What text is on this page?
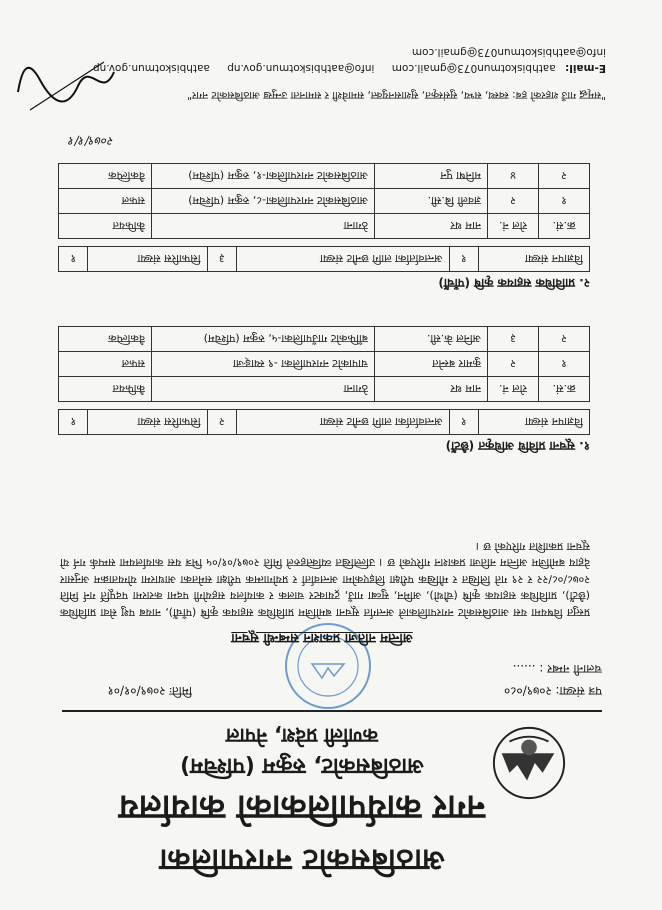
आठबिसकोट नगरपालिका
नगर कार्यपालिकाको कार्यालय
आठबिसकोट, रुकुम (पश्चिम)
कर्णाली प्रदेश, नेपाल
पत्र संख्या: २०७९/०८०
चलानी नम्बर : ......
मितिः २०७९/०१/०१
अन्तिम नतिजा प्रकाशन सम्बन्धी सूचना
प्रस्तुत विषयमा यस आठबिसकोट नगरपालिकाले अन्तर्गत सूचना बमोजिम प्राविधिक सहायक कृषि (पाँचौं), नायब पशु सेवा प्राविधिक (छैटौं), प्राविधिक सहायक कृषि (चौथो), अमिन, सुव्बा गाउँ, ट्रयाक्टर चालक र कार्यालय सहयोगी पदमा करारमा पदपूर्ति गर्न मिति २०७८/०८/२२ र २९ गते लिखित र मौखिक परीक्षा लिइएकोमा अन्तर्वार्ता र प्रयोगात्मक परीक्षा समेतका आधारमा योग्यताक्रम अनुसार देहाय बमोजिम अन्तिम नतिजा प्रकाशन गरिएको छ । उल्लिखित व्यक्तिहरुले मिति २०७९/०१/०५ भित्र यस कार्यालयमा सम्पर्क गर्न यो सूचना प्रकाशित गरिएको छ ।
१. सूचना प्रविधि अधिकृत (छैटौं)
विज्ञापन संख्या	१	अन्तर्वार्ताका लागि छनौट संख्या	२	सिफारिस संख्या	१
क्र.सं.	रोल नं.	नाम थर	ठेगाना	कैफियत
१	२	कुमार बस्नेत	चापाकोट नगरपालिका -९ स्याङ्जा	सफल
२	३	अनिल के.सी.	बाँफिकोट गाउँपालिका-५, रुकुम (पश्चिम)	वैकल्पिक
२. प्राविधिक सहायक कृषि (पाँचौं)
विज्ञापन संख्या	१	अन्तर्वार्ताका लागि छनौट संख्या	३	सिफारिस संख्या	१
क्र.सं.	रोल नं.	नाम थर	ठेगाना	कैफियत
१	२	ज्ञवली बि.सी.	आठबिसकोट नगरपालिका-८, रुकुम (पश्चिम)	सफल
२	४	मनिषा पुन	आठबिसकोट नगरपालिका-१, रुकुम (पश्चिम)	वैकल्पिक
२०७९/१/१
"समृद्ध गाउँ शहरको हब: स्वस्थ, सभ्य, सुसंस्कृत, सुशासनयुक्त, समावेशी र समानता उन्मुख आठबिसकोट नगर"
E-mail: aathbiskotmun073@gmail.com info@aathbiskotmun.gov.np aathbiskotmun.gov.np
info@aathbiskotmun073@gmail.com
